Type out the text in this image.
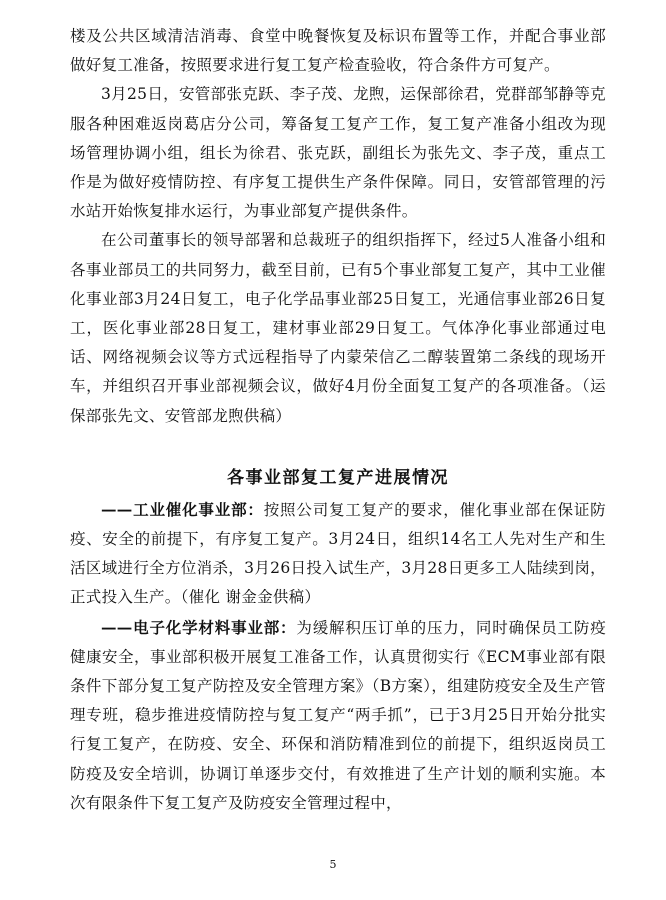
楼及公共区域清洁消毒、食堂中晚餐恢复及标识布置等工作，并配合事业部做好复工准备，按照要求进行复工复产检查验收，符合条件方可复产。

3月25日，安管部张克跃、李子茂、龙煦，运保部徐君，党群部邹静等克服各种困难返岗葛店分公司，筹备复工复产工作，复工复产准备小组改为现场管理协调小组，组长为徐君、张克跃，副组长为张先文、李子茂，重点工作是为做好疫情防控、有序复工提供生产条件保障。同日，安管部管理的污水站开始恢复排水运行，为事业部复产提供条件。

在公司董事长的领导部署和总裁班子的组织指挥下，经过5人准备小组和各事业部员工的共同努力，截至目前，已有5个事业部复工复产，其中工业催化事业部3月24日复工，电子化学品事业部25日复工，光通信事业部26日复工，医化事业部28日复工，建材事业部29日复工。气体净化事业部通过电话、网络视频会议等方式远程指导了内蒙荣信乙二醇装置第二条线的现场开车，并组织召开事业部视频会议，做好4月份全面复工复产的各项准备。（运保部张先文、安管部龙煦供稿）

各事业部复工复产进展情况

——工业催化事业部：按照公司复工复产的要求，催化事业部在保证防疫、安全的前提下，有序复工复产。3月24日，组织14名工人先对生产和生活区域进行全方位消杀，3月26日投入试生产，3月28日更多工人陆续到岗，正式投入生产。（催化 谢金金供稿）

——电子化学材料事业部：为缓解积压订单的压力，同时确保员工防疫健康安全，事业部积极开展复工准备工作，认真贯彻实行《ECM事业部有限条件下部分复工复产防控及安全管理方案》（B方案），组建防疫安全及生产管理专班，稳步推进疫情防控与复工复产“两手抓”，已于3月25日开始分批实行复工复产，在防疫、安全、环保和消防精准到位的前提下，组织返岗员工防疫及安全培训，协调订单逐步交付，有效推进了生产计划的顺利实施。本次有限条件下复工复产及防疫安全管理过程中，

5
